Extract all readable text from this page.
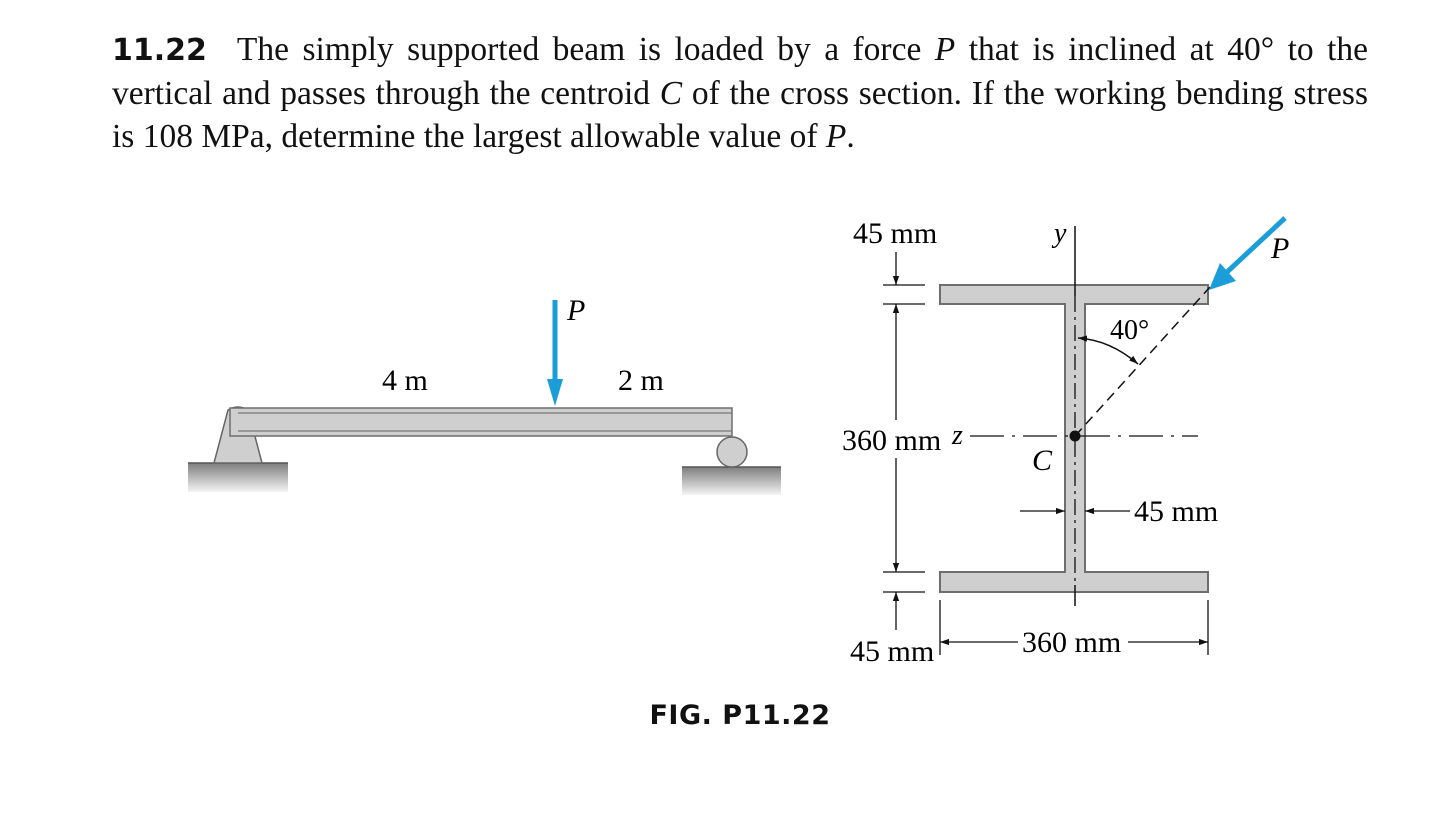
11.22 The simply supported beam is loaded by a force P that is inclined at 40° to the vertical and passes through the centroid C of the cross section. If the working bending stress is 108 MPa, determine the largest allowable value of P.
P
4 m	2 m
45 mm
360 mm
45 mm
45 mm
360 mm
40°
y
z
C
P
FIG. P11.22
